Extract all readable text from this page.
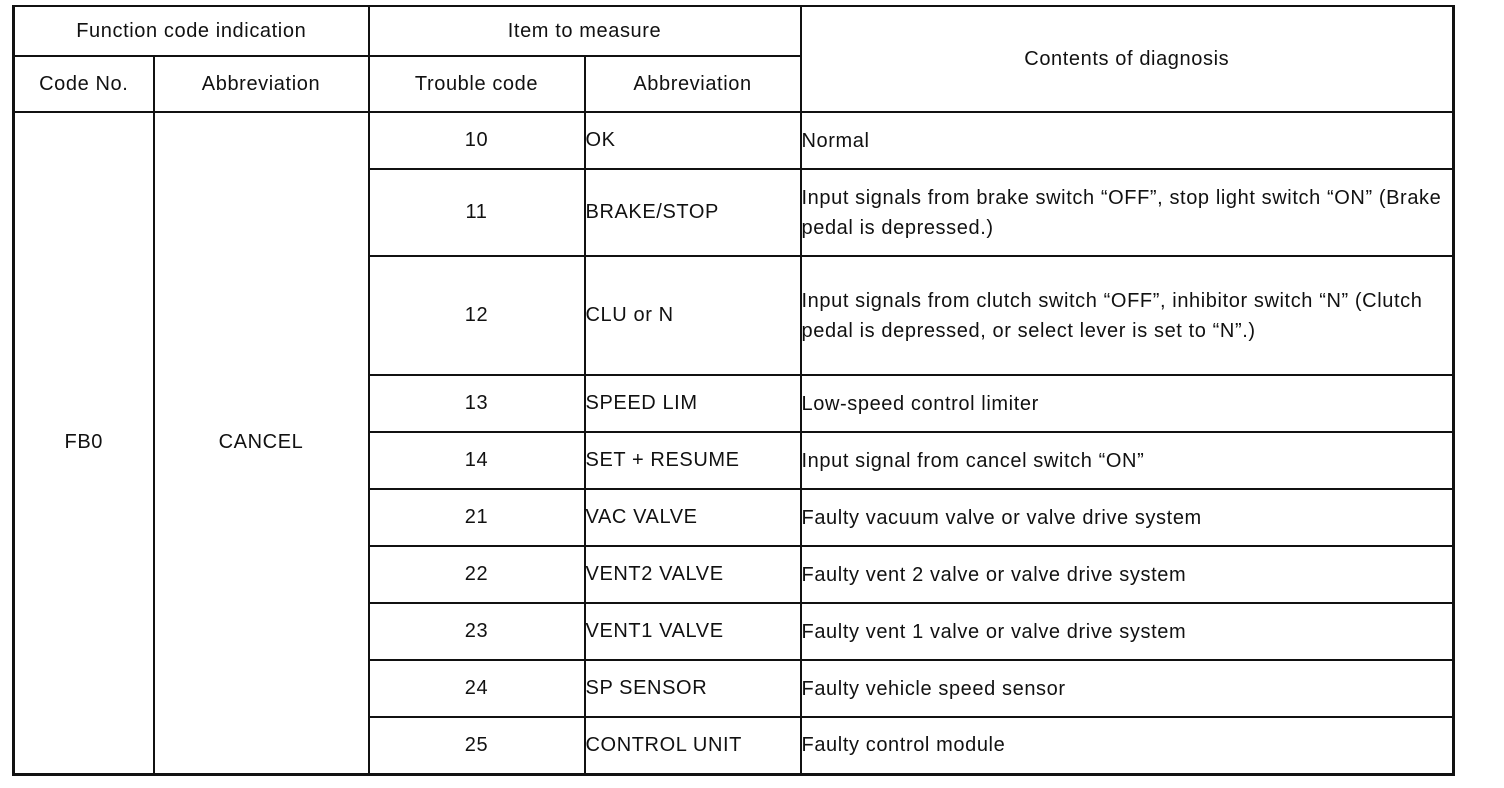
Function code indication		Item to measure		Contents of diagnosis
Code No.	Abbreviation	Trouble code	Abbreviation	
FB0	CANCEL	10	OK	Normal
		11	BRAKE/STOP	Input signals from brake switch “OFF”, stop light switch “ON” (Brake pedal is depressed.)
		12	CLU or N	Input signals from clutch switch “OFF”, inhibitor switch “N” (Clutch pedal is depressed, or select lever is set to “N”.)
		13	SPEED LIM	Low-speed control limiter
		14	SET + RESUME	Input signal from cancel switch “ON”
		21	VAC VALVE	Faulty vacuum valve or valve drive system
		22	VENT2 VALVE	Faulty vent 2 valve or valve drive system
		23	VENT1 VALVE	Faulty vent 1 valve or valve drive system
		24	SP SENSOR	Faulty vehicle speed sensor
		25	CONTROL UNIT	Faulty control module
